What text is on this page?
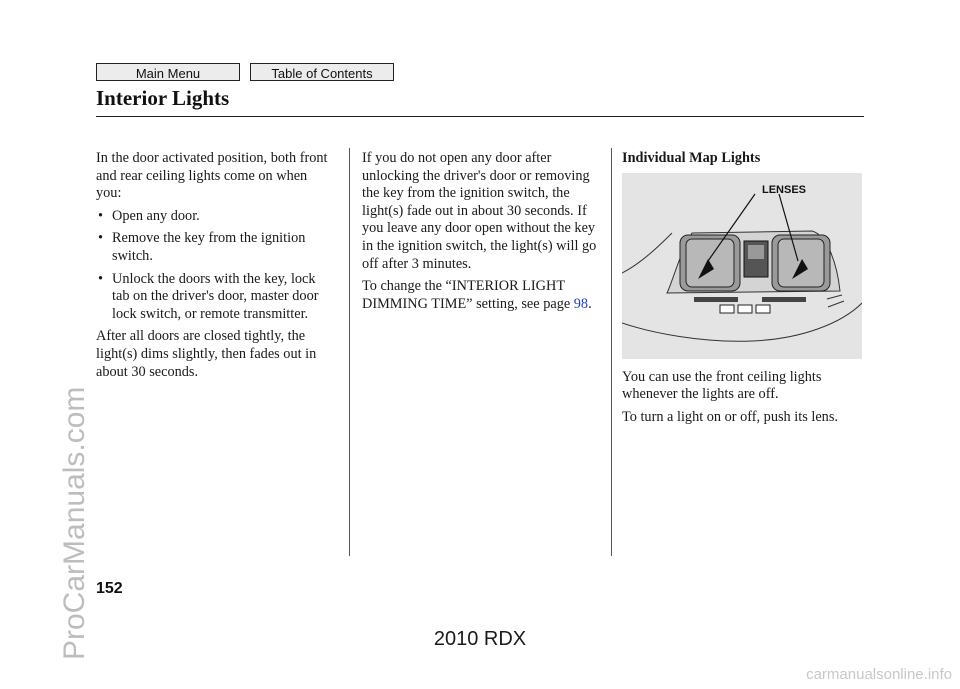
Main Menu	Table of Contents
Interior Lights

In the door activated position, both front and rear ceiling lights come on when you:

• Open any door.
• Remove the key from the ignition switch.
• Unlock the doors with the key, lock tab on the driver's door, master door lock switch, or remote transmitter.

After all doors are closed tightly, the light(s) dims slightly, then fades out in about 30 seconds.

If you do not open any door after unlocking the driver's door or removing the key from the ignition switch, the light(s) fade out in about 30 seconds. If you leave any door open without the key in the ignition switch, the light(s) will go off after 3 minutes.

To change the “INTERIOR LIGHT DIMMING TIME” setting, see page 98.

Individual Map Lights

LENSES

You can use the front ceiling lights whenever the lights are off.

To turn a light on or off, push its lens.

152
ProCarManuals.com	2010 RDX
carmanualsonline.info
